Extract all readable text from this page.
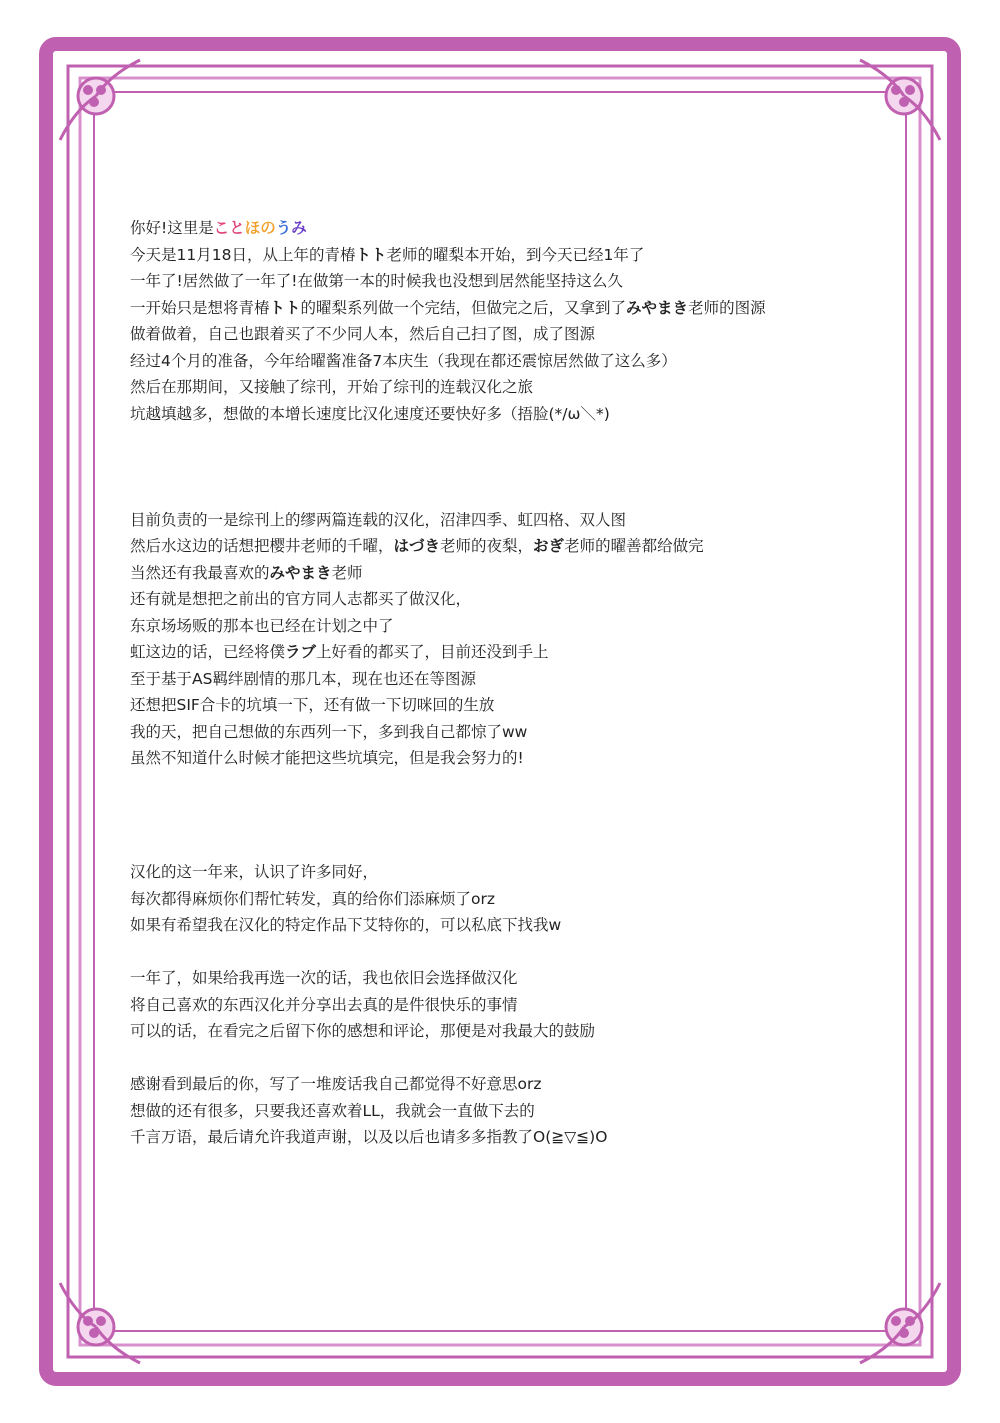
你好!这里是ことほのうみ
今天是11月18日，从上年的青椿トト老师的曜梨本开始，到今天已经1年了
一年了!居然做了一年了!在做第一本的时候我也没想到居然能坚持这么久
一开始只是想将青椿トト的曜梨系列做一个完结，但做完之后，又拿到了みやまき老师的图源
做着做着，自己也跟着买了不少同人本，然后自己扫了图，成了图源
经过4个月的准备，今年给曜酱准备7本庆生（我现在都还震惊居然做了这么多）
然后在那期间，又接触了综刊，开始了综刊的连载汉化之旅
坑越填越多，想做的本增长速度比汉化速度还要快好多（捂脸(*/ω＼*)
目前负责的一是综刊上的缪两篇连载的汉化，沼津四季、虹四格、双人图
然后水这边的话想把樱井老师的千曜，はづき老师的夜梨，おぎ老师的曜善都给做完
当然还有我最喜欢的みやまき老师
还有就是想把之前出的官方同人志都买了做汉化，
东京场场贩的那本也已经在计划之中了
虹这边的话，已经将僕ラブ上好看的都买了，目前还没到手上
至于基于AS羁绊剧情的那几本，现在也还在等图源
还想把SIF合卡的坑填一下，还有做一下切咪回的生放
我的天，把自己想做的东西列一下，多到我自己都惊了ww
虽然不知道什么时候才能把这些坑填完，但是我会努力的!
汉化的这一年来，认识了许多同好，
每次都得麻烦你们帮忙转发，真的给你们添麻烦了orz
如果有希望我在汉化的特定作品下艾特你的，可以私底下找我w
一年了，如果给我再选一次的话，我也依旧会选择做汉化
将自己喜欢的东西汉化并分享出去真的是件很快乐的事情
可以的话，在看完之后留下你的感想和评论，那便是对我最大的鼓励
感谢看到最后的你，写了一堆废话我自己都觉得不好意思orz
想做的还有很多，只要我还喜欢着LL，我就会一直做下去的
千言万语，最后请允许我道声谢，以及以后也请多多指教了O(≧▽≦)O
